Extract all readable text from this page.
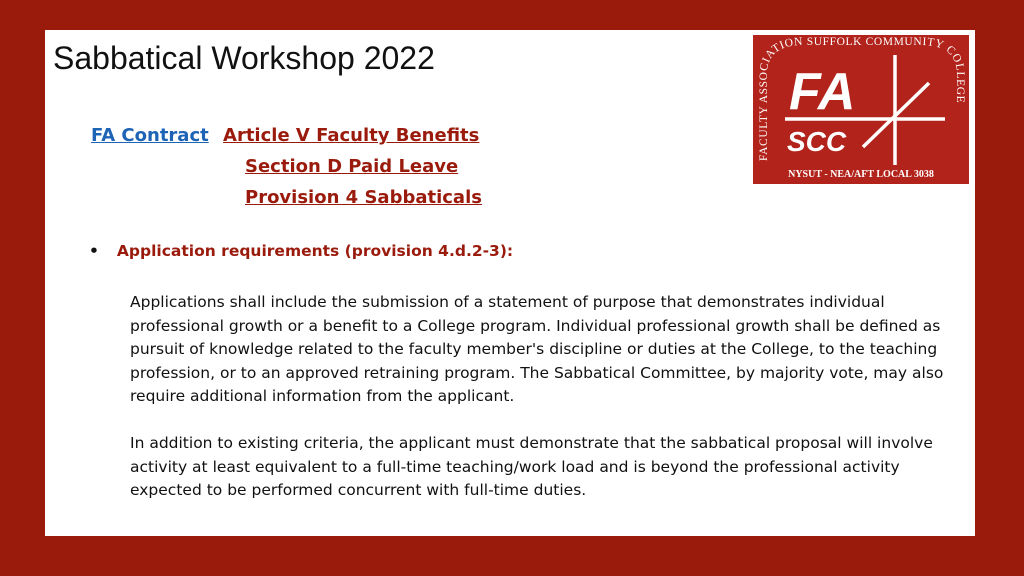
Sabbatical Workshop 2022
FA Contract Article V Faculty Benefits
Section D Paid Leave
Provision 4 Sabbaticals
• Application requirements (provision 4.d.2-3):
Applications shall include the submission of a statement of purpose that demonstrates individual professional growth or a benefit to a College program. Individual professional growth shall be defined as pursuit of knowledge related to the faculty member's discipline or duties at the College, to the teaching profession, or to an approved retraining program. The Sabbatical Committee, by majority vote, may also require additional information from the applicant.
In addition to existing criteria, the applicant must demonstrate that the sabbatical proposal will involve activity at least equivalent to a full-time teaching/work load and is beyond the professional activity expected to be performed concurrent with full-time duties.
FACULTY ASSOCIATION SUFFOLK COMMUNITY COLLEGE
FA
SCC
NYSUT - NEA/AFT LOCAL 3038
